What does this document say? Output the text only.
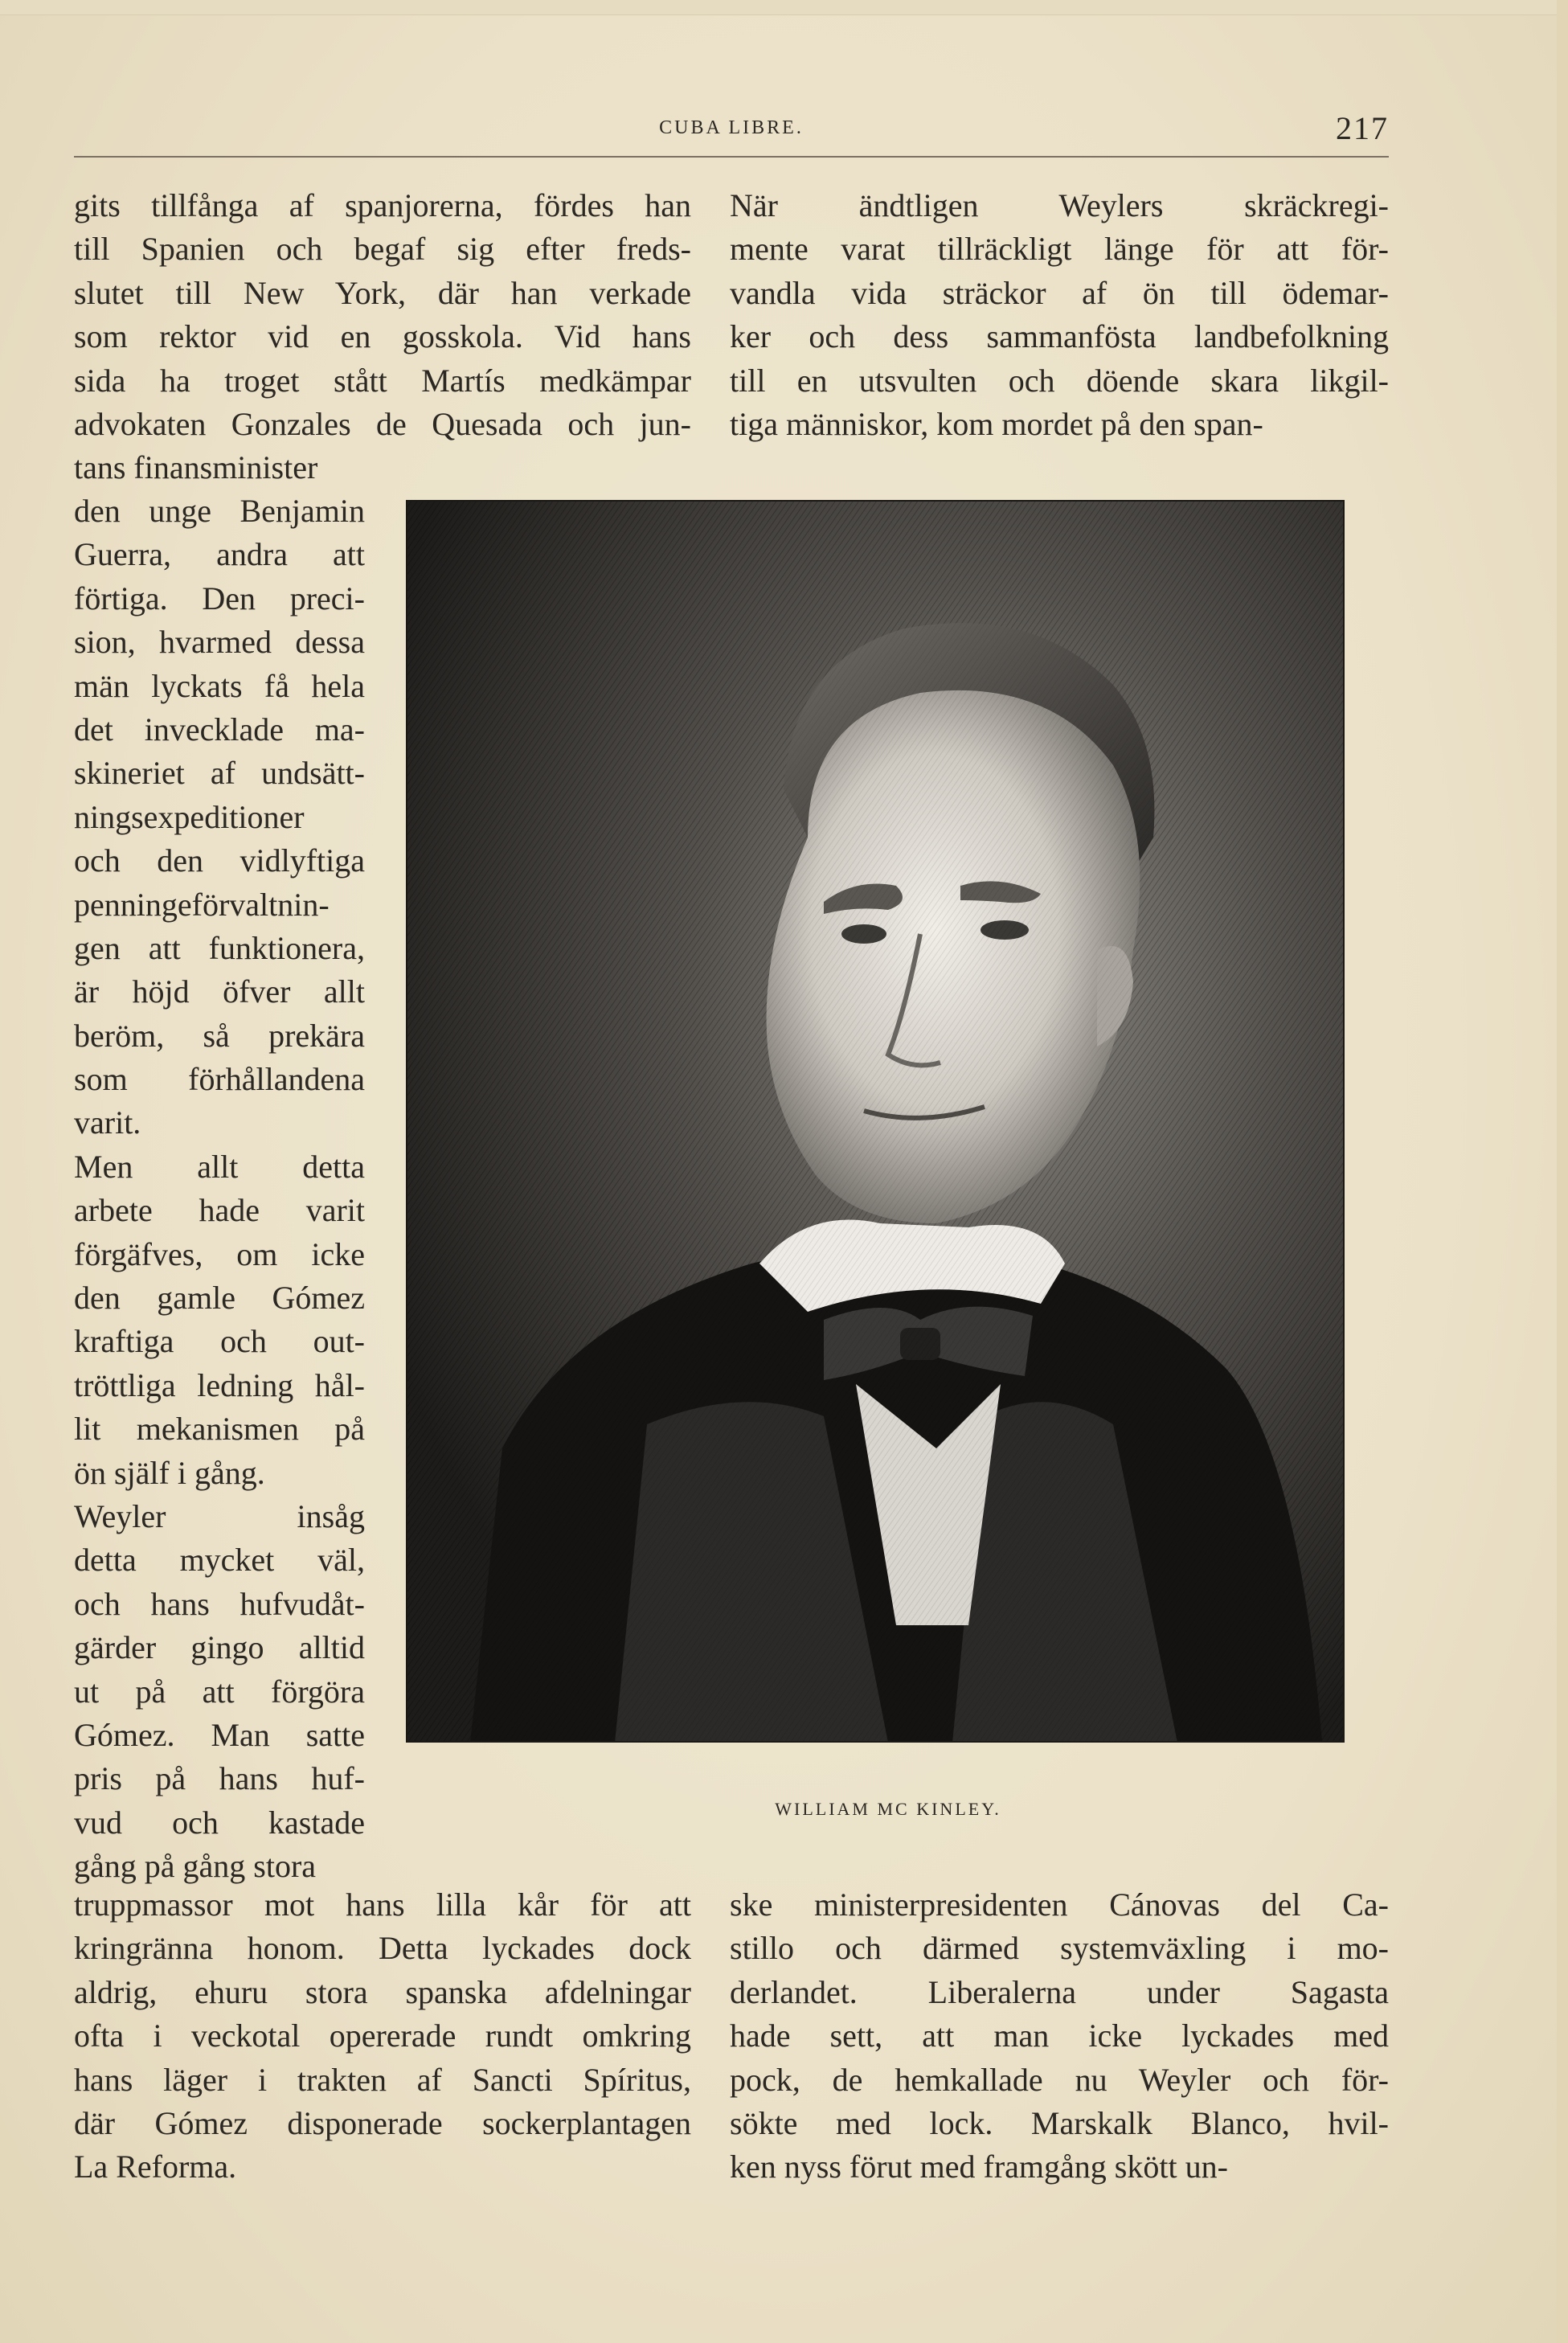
CUBA LIBRE.	217
gits tillfånga af spanjorerna, fördes han
till Spanien och begaf sig efter freds-
slutet till New York, där han verkade
som rektor vid en gosskola. Vid hans
sida ha troget stått Martís medkämpar
advokaten Gonzales de Quesada och jun-
tans finansminister
den unge Benjamin
Guerra, andra att
förtiga. Den preci-
sion, hvarmed dessa
män lyckats få hela
det invecklade ma-
skineriet af undsätt-
ningsexpeditioner
och den vidlyftiga
penningeförvaltnin-
gen att funktionera,
är höjd öfver allt
beröm, så prekära
som förhållandena
varit.
Men allt detta
arbete hade varit
förgäfves, om icke
den gamle Gómez
kraftiga och out-
tröttliga ledning hål-
lit mekanismen på
ön själf i gång.
Weyler insåg
detta mycket väl,
och hans hufvudåt-
gärder gingo alltid
ut på att förgöra
Gómez. Man satte
pris på hans huf-
vud och kastade
gång på gång stora
truppmassor mot hans lilla kår för att
kringränna honom. Detta lyckades dock
aldrig, ehuru stora spanska afdelningar
ofta i veckotal opererade rundt omkring
hans läger i trakten af Sancti Spíritus,
där Gómez disponerade sockerplantagen
La Reforma.
När ändtligen Weylers skräckregi-
mente varat tillräckligt länge för att för-
vandla vida sträckor af ön till ödemar-
ker och dess sammanfösta landbefolkning
till en utsvulten och döende skara likgil-
tiga människor, kom mordet på den span-
ske ministerpresidenten Cánovas del Ca-
stillo och därmed systemväxling i mo-
derlandet. Liberalerna under Sagasta
hade sett, att man icke lyckades med
pock, de hemkallade nu Weyler och för-
sökte med lock. Marskalk Blanco, hvil-
ken nyss förut med framgång skött un-
WILLIAM MC KINLEY.
